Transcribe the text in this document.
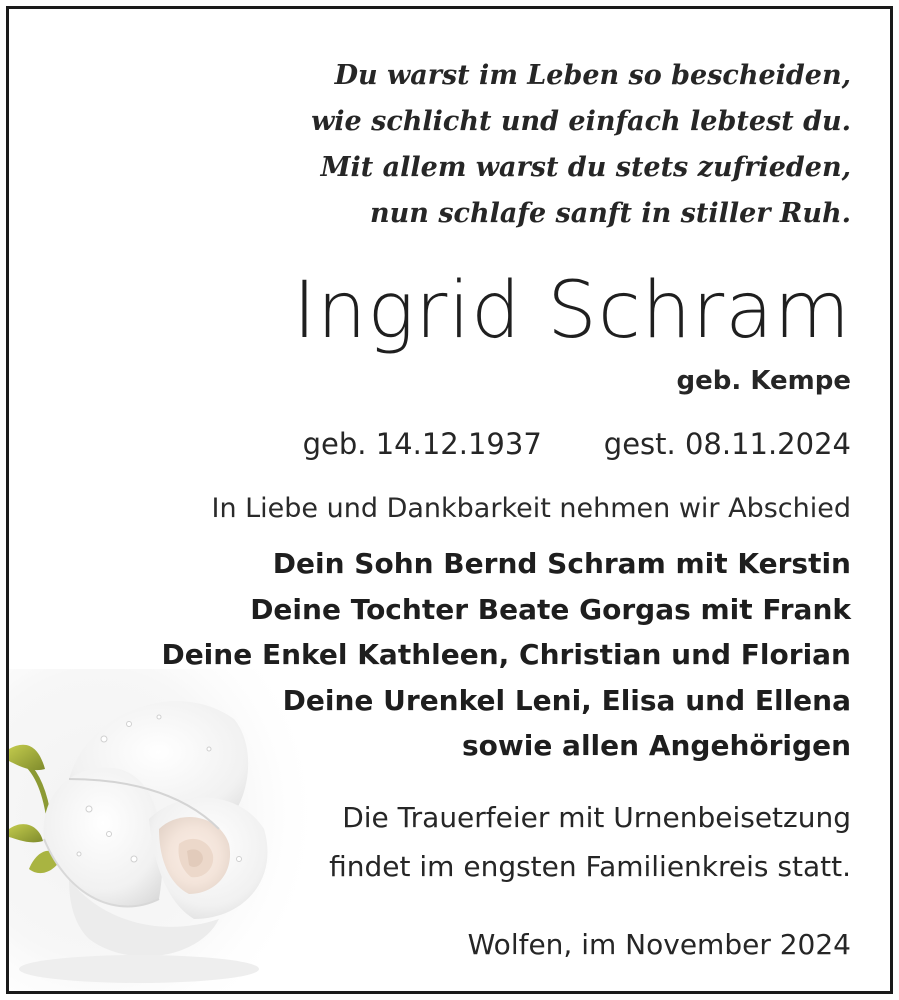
Du warst im Leben so bescheiden,
wie schlicht und einfach lebtest du.
Mit allem warst du stets zufrieden,
nun schlafe sanft in stiller Ruh.
Ingrid Schram
geb. Kempe
geb. 14.12.1937 gest. 08.11.2024
In Liebe und Dankbarkeit nehmen wir Abschied
Dein Sohn Bernd Schram mit Kerstin
Deine Tochter Beate Gorgas mit Frank
Deine Enkel Kathleen, Christian und Florian
Deine Urenkel Leni, Elisa und Ellena
sowie allen Angehörigen
Die Trauerfeier mit Urnenbeisetzung
findet im engsten Familienkreis statt.
Wolfen, im November 2024
